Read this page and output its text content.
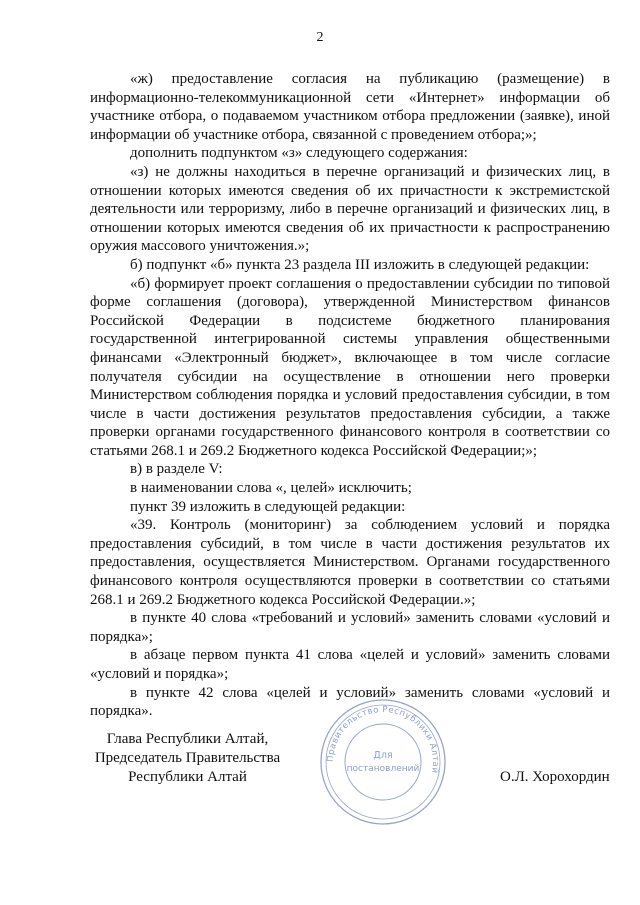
2

«ж) предоставление согласия на публикацию (размещение) в информационно-телекоммуникационной сети «Интернет» информации об участнике отбора, о подаваемом участником отбора предложении (заявке), иной информации об участнике отбора, связанной с проведением отбора;»;

дополнить подпунктом «з» следующего содержания:

«з) не должны находиться в перечне организаций и физических лиц, в отношении которых имеются сведения об их причастности к экстремистской деятельности или терроризму, либо в перечне организаций и физических лиц, в отношении которых имеются сведения об их причастности к распространению оружия массового уничтожения.»;

б) подпункт «б» пункта 23 раздела III изложить в следующей редакции:

«б) формирует проект соглашения о предоставлении субсидии по типовой форме соглашения (договора), утвержденной Министерством финансов Российской Федерации в подсистеме бюджетного планирования государственной интегрированной системы управления общественными финансами «Электронный бюджет», включающее в том числе согласие получателя субсидии на осуществление в отношении него проверки Министерством соблюдения порядка и условий предоставления субсидии, в том числе в части достижения результатов предоставления субсидии, а также проверки органами государственного финансового контроля в соответствии со статьями 268.1 и 269.2 Бюджетного кодекса Российской Федерации;»;

в) в разделе V:

в наименовании слова «, целей» исключить;

пункт 39 изложить в следующей редакции:

«39. Контроль (мониторинг) за соблюдением условий и порядка предоставления субсидий, в том числе в части достижения результатов их предоставления, осуществляется Министерством. Органами государственного финансового контроля осуществляются проверки в соответствии со статьями 268.1 и 269.2 Бюджетного кодекса Российской Федерации.»;

в пункте 40 слова «требований и условий» заменить словами «условий и порядка»;

в абзаце первом пункта 41 слова «целей и условий» заменить словами «условий и порядка»;

в пункте 42 слова «целей и условий» заменить словами «условий и порядка».

Глава Республики Алтай,
Председатель Правительства
Республики Алтай	О.Л. Хорохордин
Правительство Республики Алтай
Для
постановлений
